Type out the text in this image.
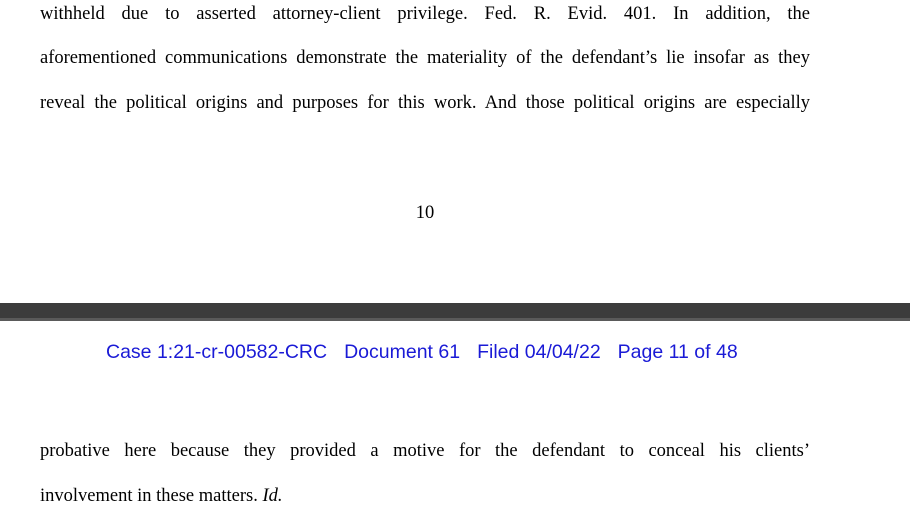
withheld due to asserted attorney-client privilege. Fed. R. Evid. 401. In addition, the
aforementioned communications demonstrate the materiality of the defendant’s lie insofar as they
reveal the political origins and purposes for this work. And those political origins are especially
10
Case 1:21-cr-00582-CRC Document 61 Filed 04/04/22 Page 11 of 48
probative here because they provided a motive for the defendant to conceal his clients’
involvement in these matters. Id.
